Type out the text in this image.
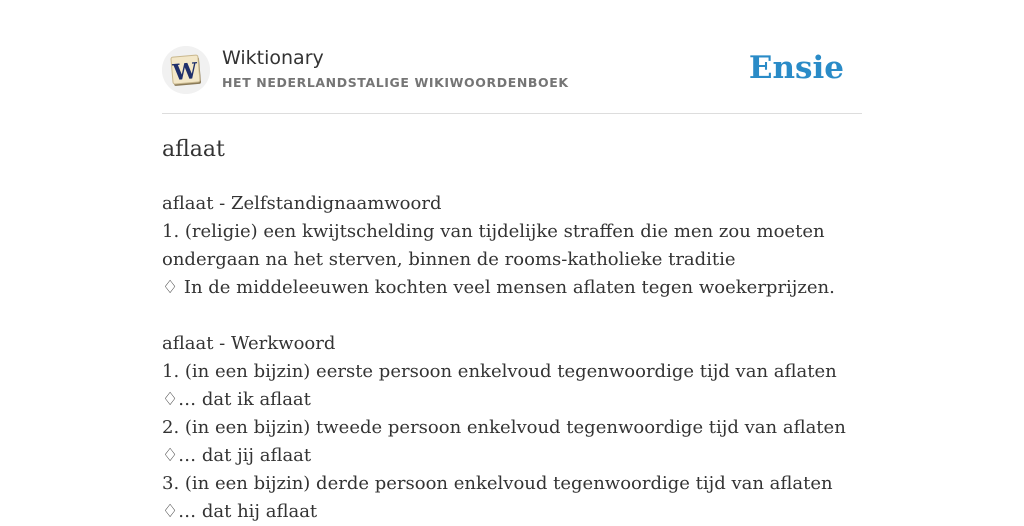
W
Wiktionary
HET NEDERLANDSTALIGE WIKIWOORDENBOEK	Ensie
aflaat
aflaat - Zelfstandignaamwoord
1. (religie) een kwijtschelding van tijdelijke straffen die men zou moeten ondergaan na het sterven, binnen de rooms-katholieke traditie
♢ In de middeleeuwen kochten veel mensen aflaten tegen woekerprijzen.
aflaat - Werkwoord
1. (in een bijzin) eerste persoon enkelvoud tegenwoordige tijd van aflaten
♢… dat ik aflaat
2. (in een bijzin) tweede persoon enkelvoud tegenwoordige tijd van aflaten
♢… dat jij aflaat
3. (in een bijzin) derde persoon enkelvoud tegenwoordige tijd van aflaten
♢… dat hij aflaat
